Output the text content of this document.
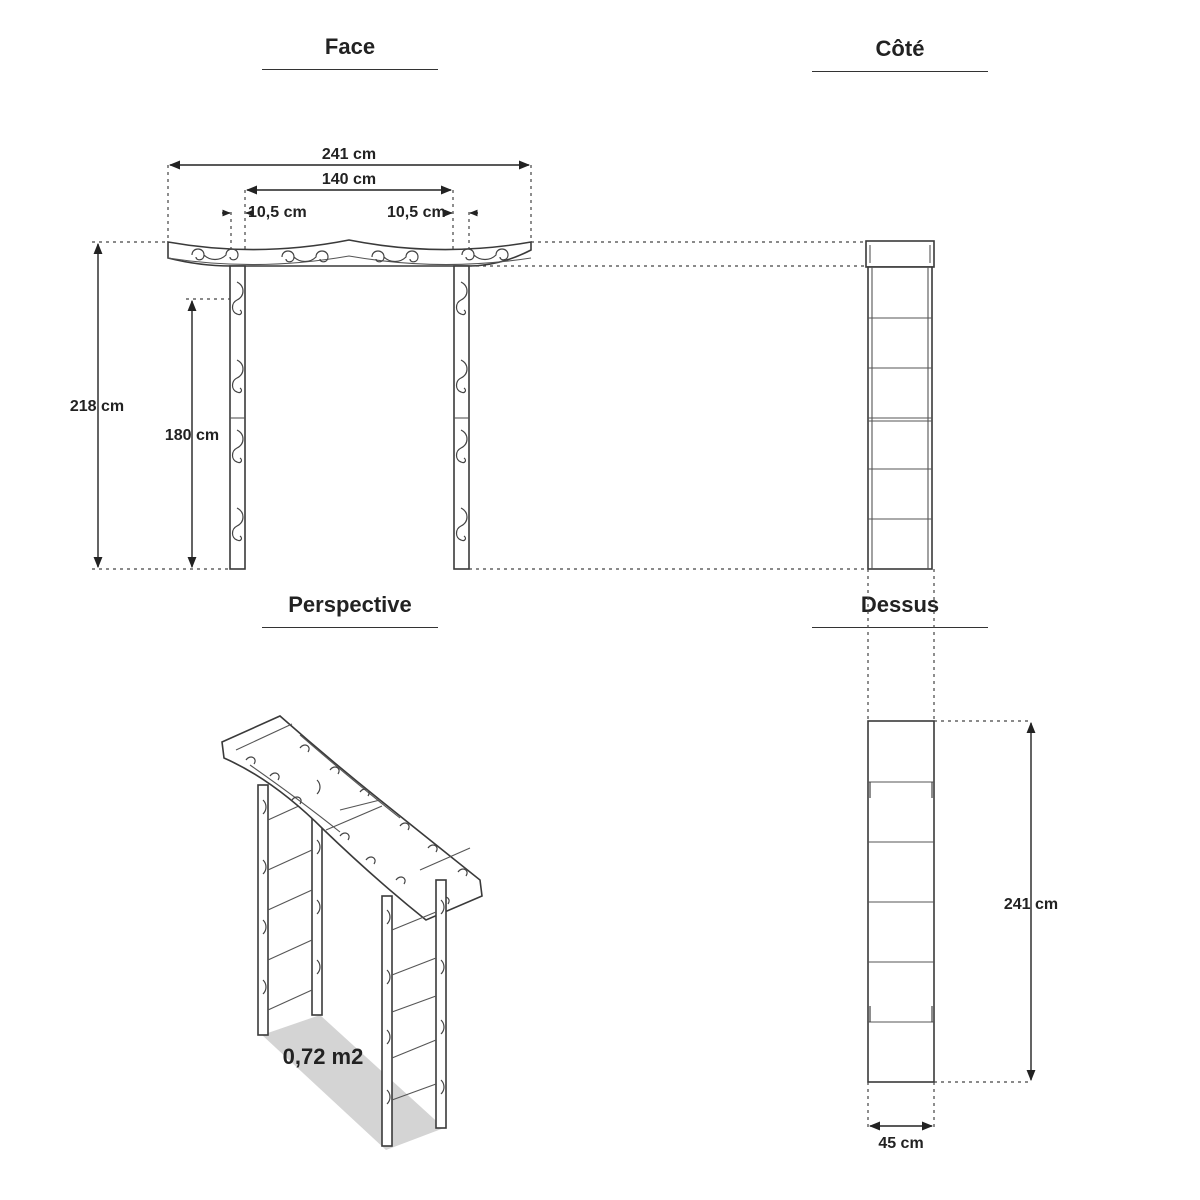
Face	Côté
Perspective	Dessus
241 cm
140 cm
10,5 cm	10,5 cm
218 cm
180 cm
241 cm
45 cm
0,72 m2
